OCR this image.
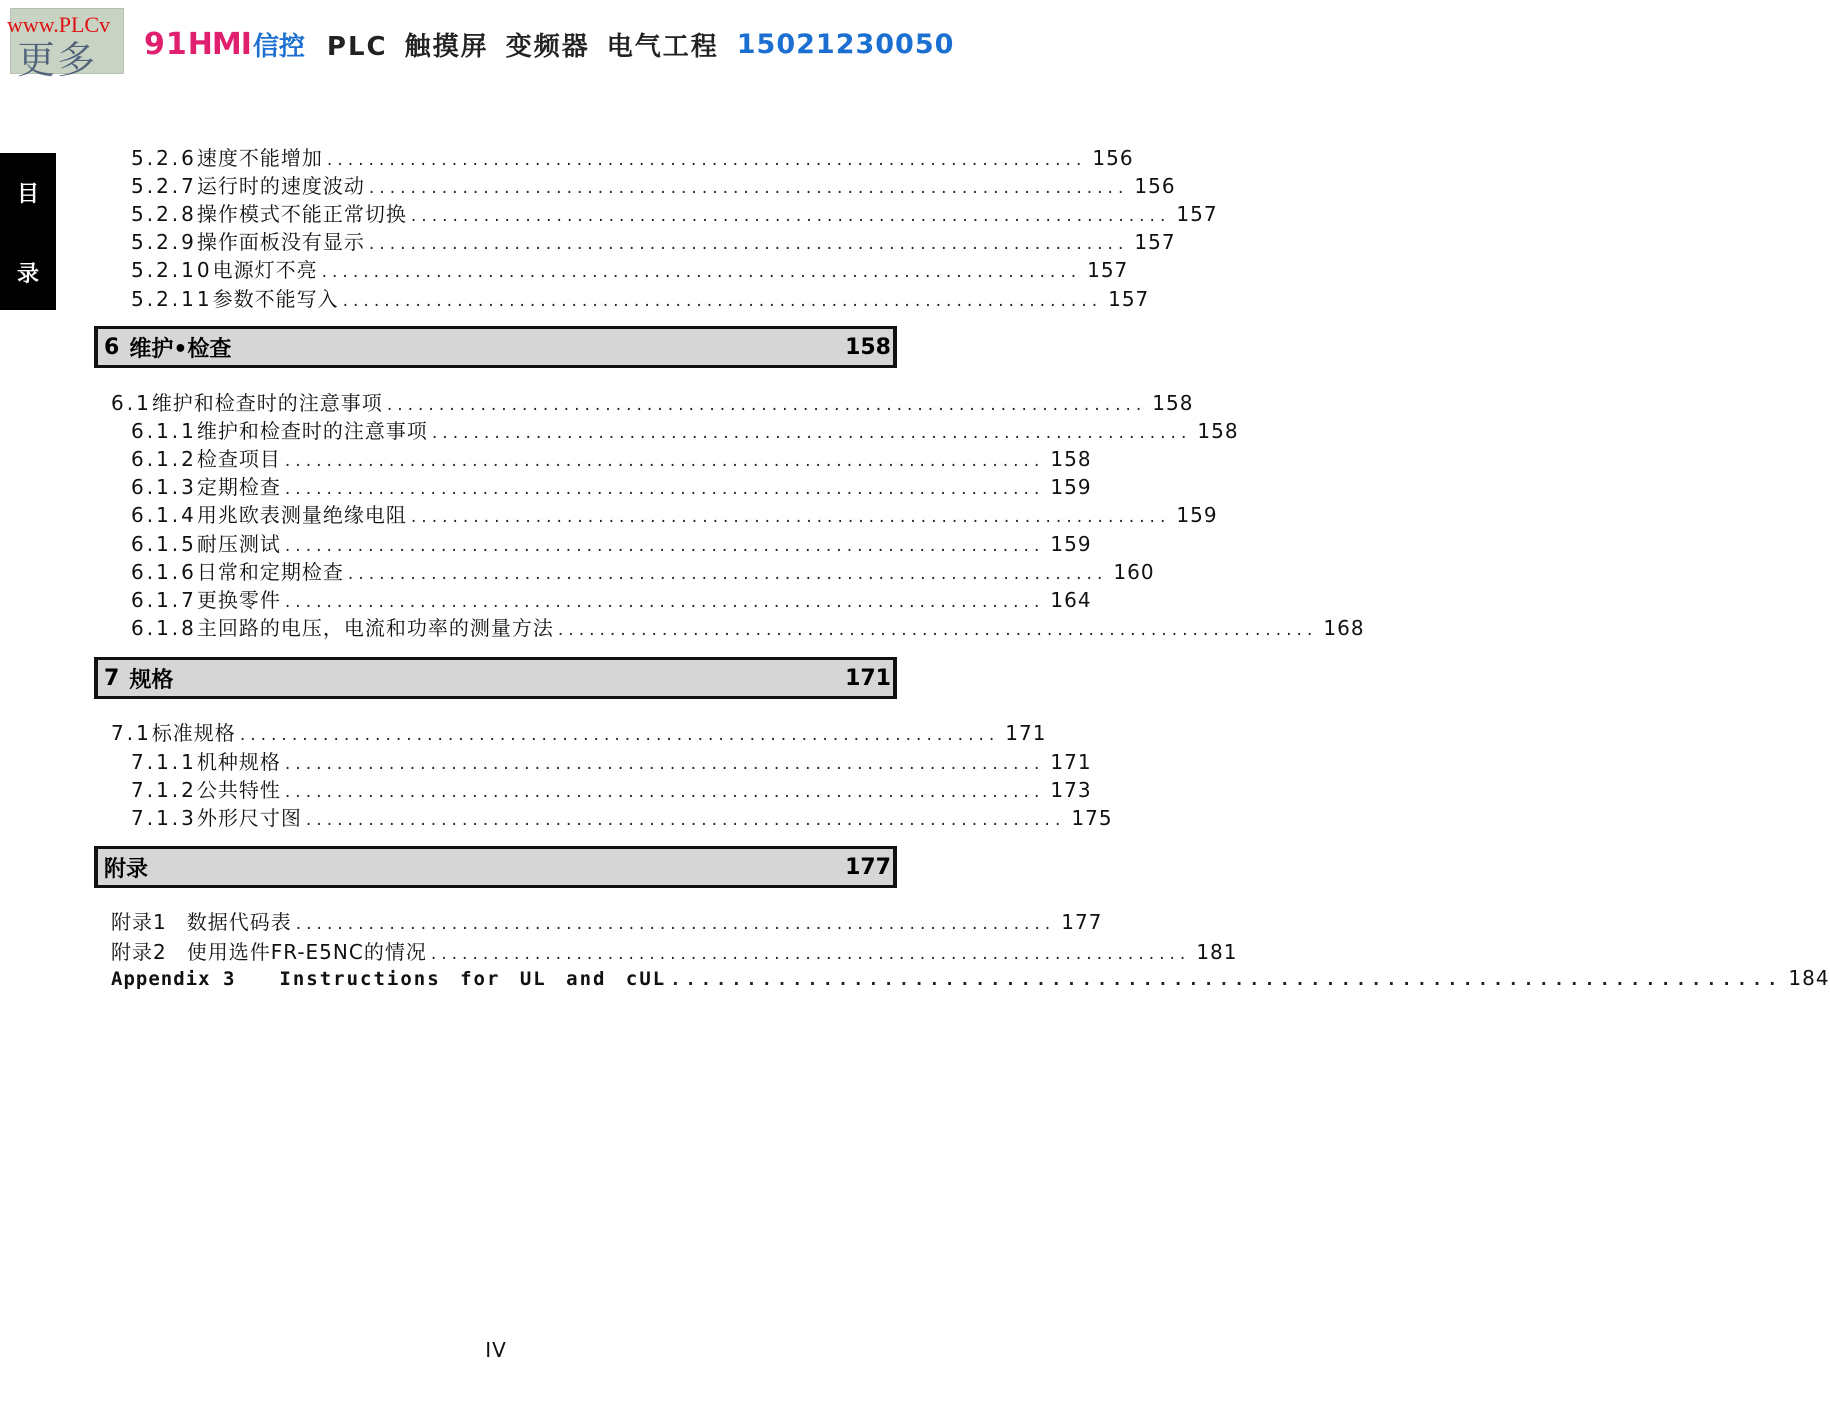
www.PLCv
更多 91 HMI 信控 PLC 触摸屏 变频器 电气工程 15021230050
目
录
5.2.6 速度不能增加 ......................................................................... 156
5.2.7 运行时的速度波动 ......................................................................... 156
5.2.8 操作模式不能正常切换 ......................................................................... 157
5.2.9 操作面板没有显示 ......................................................................... 157
5.2.10 电源灯不亮 ......................................................................... 157
5.2.11 参数不能写入 ......................................................................... 157
6 维护•检查	158
6.1 维护和检查时的注意事项 ......................................................................... 158
6.1.1 维护和检查时的注意事项 ......................................................................... 158
6.1.2 检查项目 ......................................................................... 158
6.1.3 定期检查 ......................................................................... 159
6.1.4 用兆欧表测量绝缘电阻 ......................................................................... 159
6.1.5 耐压测试 ......................................................................... 159
6.1.6 日常和定期检查 ......................................................................... 160
6.1.7 更换零件 ......................................................................... 164
6.1.8 主回路的电压，电流和功率的测量方法 ......................................................................... 168
7 规格	171
7.1 标准规格 ......................................................................... 171
7.1.1 机种规格 ......................................................................... 171
7.1.2 公共特性 ......................................................................... 173
7.1.3 外形尺寸图 ......................................................................... 175
附录	177
附录1 数据代码表 ......................................................................... 177
附录2 使用选件FR-E5NC的情况 ......................................................................... 181
Appendix 3 Instructions for UL and cUL ......................................................................... 184
IV
